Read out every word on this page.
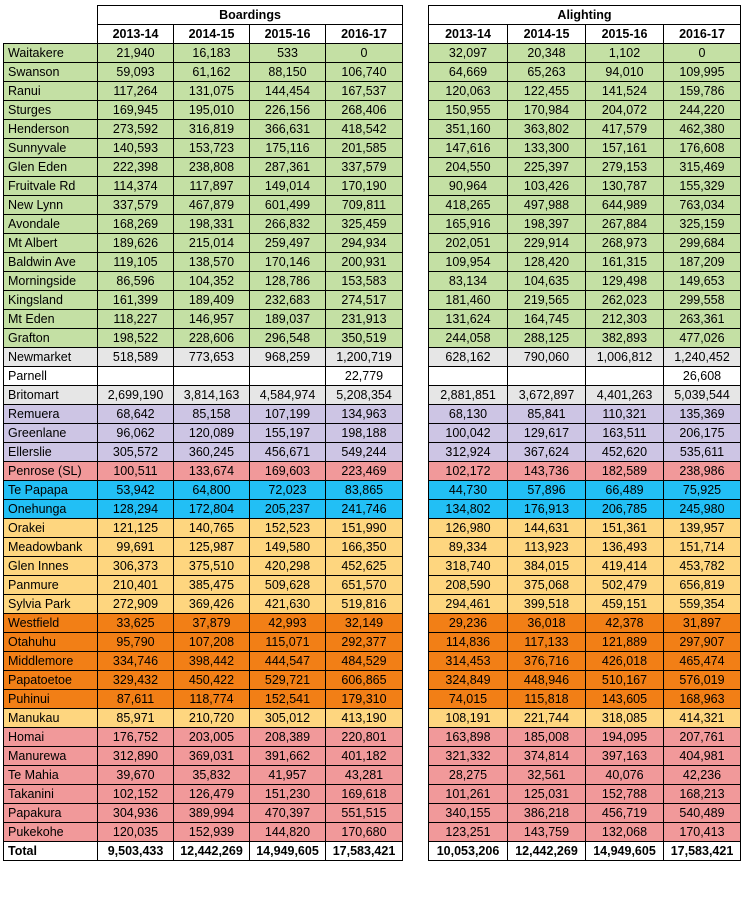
	Boardings			
	2013-14	2014-15	2015-16	2016-17
Waitakere	21,940	16,183	533	0
Swanson	59,093	61,162	88,150	106,740
Ranui	117,264	131,075	144,454	167,537
Sturges	169,945	195,010	226,156	268,406
Henderson	273,592	316,819	366,631	418,542
Sunnyvale	140,593	153,723	175,116	201,585
Glen Eden	222,398	238,808	287,361	337,579
Fruitvale Rd	114,374	117,897	149,014	170,190
New Lynn	337,579	467,879	601,499	709,811
Avondale	168,269	198,331	266,832	325,459
Mt Albert	189,626	215,014	259,497	294,934
Baldwin Ave	119,105	138,570	170,146	200,931
Morningside	86,596	104,352	128,786	153,583
Kingsland	161,399	189,409	232,683	274,517
Mt Eden	118,227	146,957	189,037	231,913
Grafton	198,522	228,606	296,548	350,519
Newmarket	518,589	773,653	968,259	1,200,719
Parnell				22,779
Britomart	2,699,190	3,814,163	4,584,974	5,208,354
Remuera	68,642	85,158	107,199	134,963
Greenlane	96,062	120,089	155,197	198,188
Ellerslie	305,572	360,245	456,671	549,244
Penrose (SL)	100,511	133,674	169,603	223,469
Te Papapa	53,942	64,800	72,023	83,865
Onehunga	128,294	172,804	205,237	241,746
Orakei	121,125	140,765	152,523	151,990
Meadowbank	99,691	125,987	149,580	166,350
Glen Innes	306,373	375,510	420,298	452,625
Panmure	210,401	385,475	509,628	651,570
Sylvia Park	272,909	369,426	421,630	519,816
Westfield	33,625	37,879	42,993	32,149
Otahuhu	95,790	107,208	115,071	292,377
Middlemore	334,746	398,442	444,547	484,529
Papatoetoe	329,432	450,422	529,721	606,865
Puhinui	87,611	118,774	152,541	179,310
Manukau	85,971	210,720	305,012	413,190
Homai	176,752	203,005	208,389	220,801
Manurewa	312,890	369,031	391,662	401,182
Te Mahia	39,670	35,832	41,957	43,281
Takanini	102,152	126,479	151,230	169,618
Papakura	304,936	389,994	470,397	551,515
Pukekohe	120,035	152,939	144,820	170,680
Total	9,503,433	12,442,269	14,949,605	17,583,421
Alighting			
2013-14	2014-15	2015-16	2016-17
32,097	20,348	1,102	0
64,669	65,263	94,010	109,995
120,063	122,455	141,524	159,786
150,955	170,984	204,072	244,220
351,160	363,802	417,579	462,380
147,616	133,300	157,161	176,608
204,550	225,397	279,153	315,469
90,964	103,426	130,787	155,329
418,265	497,988	644,989	763,034
165,916	198,397	267,884	325,159
202,051	229,914	268,973	299,684
109,954	128,420	161,315	187,209
83,134	104,635	129,498	149,653
181,460	219,565	262,023	299,558
131,624	164,745	212,303	263,361
244,058	288,125	382,893	477,026
628,162	790,060	1,006,812	1,240,452
			26,608
2,881,851	3,672,897	4,401,263	5,039,544
68,130	85,841	110,321	135,369
100,042	129,617	163,511	206,175
312,924	367,624	452,620	535,611
102,172	143,736	182,589	238,986
44,730	57,896	66,489	75,925
134,802	176,913	206,785	245,980
126,980	144,631	151,361	139,957
89,334	113,923	136,493	151,714
318,740	384,015	419,414	453,782
208,590	375,068	502,479	656,819
294,461	399,518	459,151	559,354
29,236	36,018	42,378	31,897
114,836	117,133	121,889	297,907
314,453	376,716	426,018	465,474
324,849	448,946	510,167	576,019
74,015	115,818	143,605	168,963
108,191	221,744	318,085	414,321
163,898	185,008	194,095	207,761
321,332	374,814	397,163	404,981
28,275	32,561	40,076	42,236
101,261	125,031	152,788	168,213
340,155	386,218	456,719	540,489
123,251	143,759	132,068	170,413
10,053,206	12,442,269	14,949,605	17,583,421
